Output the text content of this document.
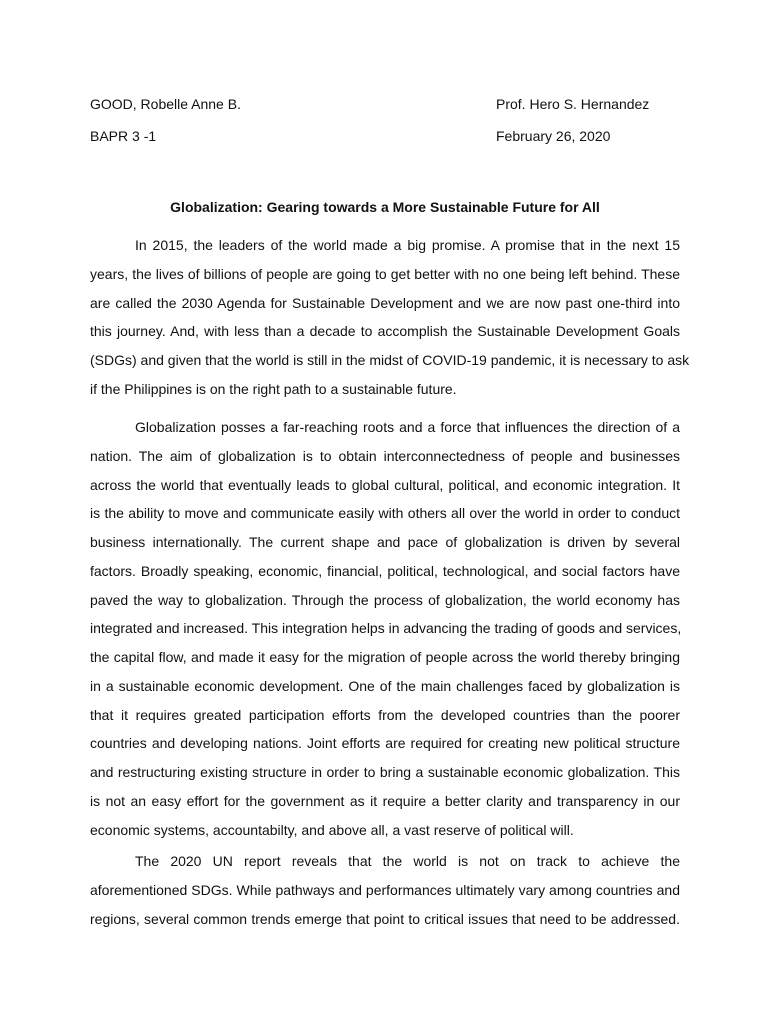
GOOD, Robelle Anne B.	Prof. Hero S. Hernandez
BAPR 3 -1	February 26, 2020
Globalization: Gearing towards a More Sustainable Future for All
In 2015, the leaders of the world made a big promise. A promise that in the next 15
years, the lives of billions of people are going to get better with no one being left behind. These
are called the 2030 Agenda for Sustainable Development and we are now past one-third into
this journey. And, with less than a decade to accomplish the Sustainable Development Goals
(SDGs) and given that the world is still in the midst of COVID-19 pandemic, it is necessary to ask
if the Philippines is on the right path to a sustainable future.
Globalization posses a far-reaching roots and a force that influences the direction of a
nation. The aim of globalization is to obtain interconnectedness of people and businesses
across the world that eventually leads to global cultural, political, and economic integration. It
is the ability to move and communicate easily with others all over the world in order to conduct
business internationally. The current shape and pace of globalization is driven by several
factors. Broadly speaking, economic, financial, political, technological, and social factors have
paved the way to globalization. Through the process of globalization, the world economy has
integrated and increased. This integration helps in advancing the trading of goods and services,
the capital flow, and made it easy for the migration of people across the world thereby bringing
in a sustainable economic development. One of the main challenges faced by globalization is
that it requires greated participation efforts from the developed countries than the poorer
countries and developing nations. Joint efforts are required for creating new political structure
and restructuring existing structure in order to bring a sustainable economic globalization. This
is not an easy effort for the government as it require a better clarity and transparency in our
economic systems, accountabilty, and above all, a vast reserve of political will.
The 2020 UN report reveals that the world is not on track to achieve the
aforementioned SDGs. While pathways and performances ultimately vary among countries and
regions, several common trends emerge that point to critical issues that need to be addressed.
